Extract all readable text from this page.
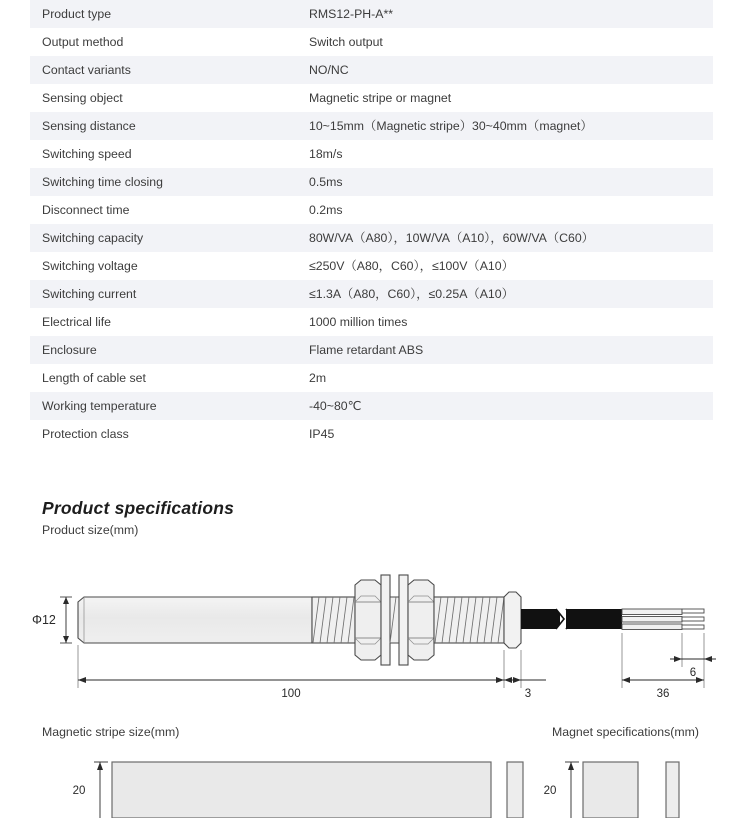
Product type	RMS12-PH-A**
Output method	Switch output
Contact variants	NO/NC
Sensing object	Magnetic stripe or magnet
Sensing distance	10~15mm（Magnetic stripe）30~40mm（magnet）
Switching speed	18m/s
Switching time closing	0.5ms
Disconnect time	0.2ms
Switching capacity	80W/VA（A80），10W/VA（A10），60W/VA（C60）
Switching voltage	≤250V（A80，C60），≤100V（A10）
Switching current	≤1.3A（A80，C60），≤0.25A（A10）
Electrical life	1000 million times
Enclosure	Flame retardant ABS
Length of cable set	2m
Working temperature	-40~80℃
Protection class	IP45
Product specifications
Product size(mm)
Magnetic stripe size(mm)	Magnet specifications(mm)
Φ12
100	3	36
6
20	20
